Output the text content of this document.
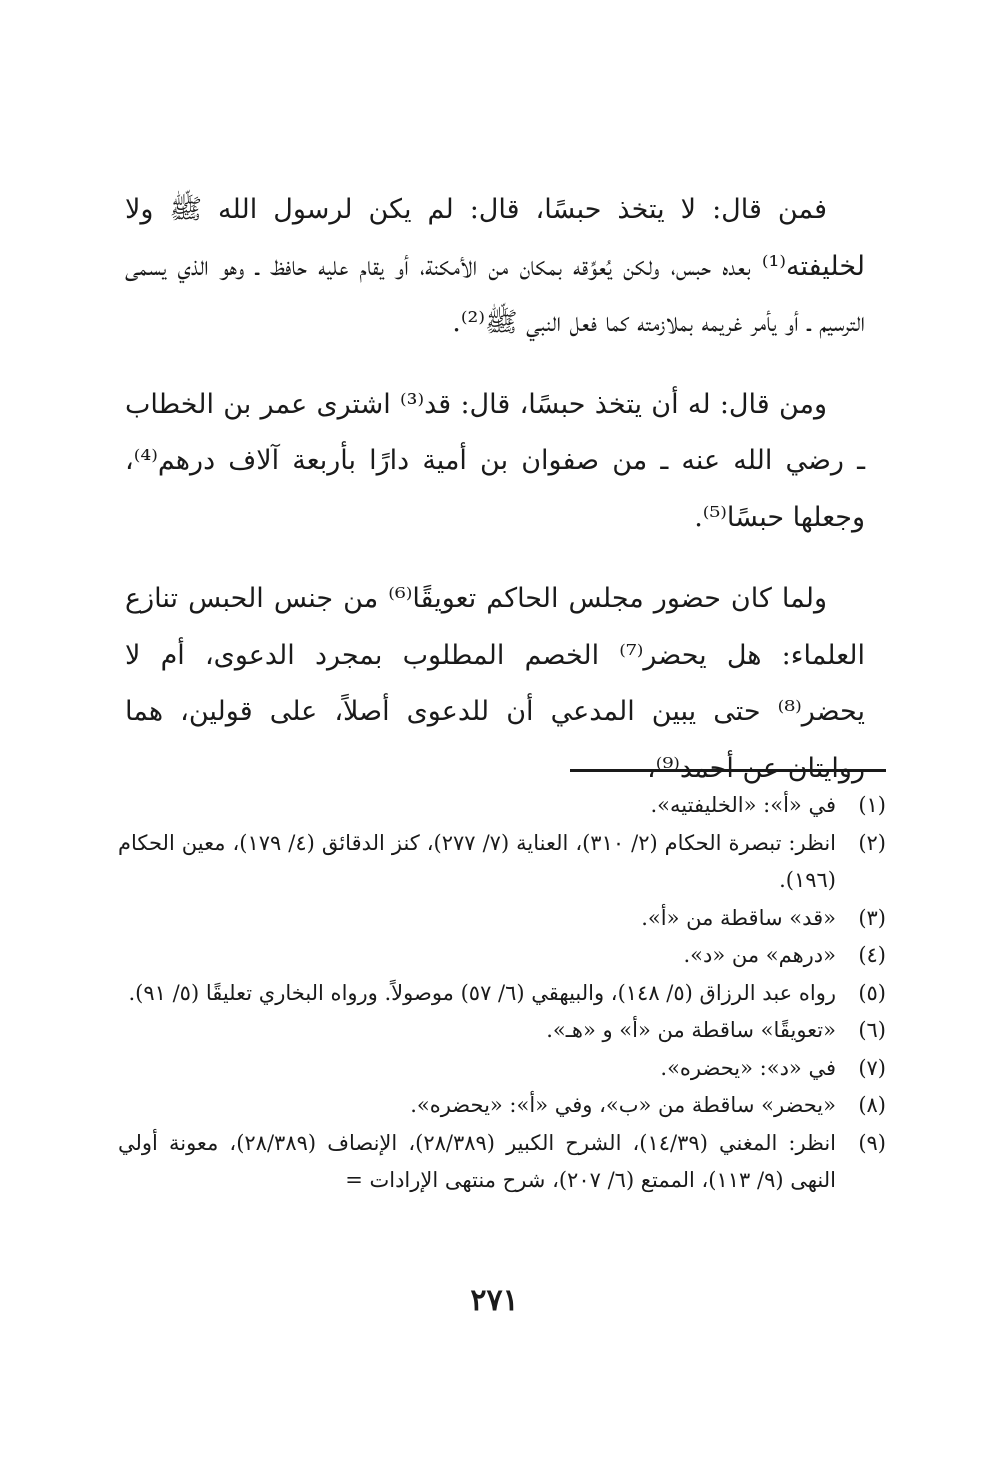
فمن قال: لا يتخذ حبسًا، قال: لم يكن لرسول الله ﷺ ولا لخليفته⁽¹⁾ بعده حبس، ولكن يُعوِّقه بمكان من الأمكنة، أو يقام عليه حافظ ـ وهو الذي يسمى الترسيم ـ أو يأمر غريمه بملازمته كما فعل النبي ﷺ⁽²⁾.

ومن قال: له أن يتخذ حبسًا، قال: قد⁽³⁾ اشترى عمر بن الخطاب ـ رضي الله عنه ـ من صفوان بن أمية دارًا بأربعة آلاف درهم⁽⁴⁾، وجعلها حبسًا⁽⁵⁾.

ولما كان حضور مجلس الحاكم تعويقًا⁽⁶⁾ من جنس الحبس تنازع العلماء: هل يحضر⁽⁷⁾ الخصم المطلوب بمجرد الدعوى، أم لا يحضر⁽⁸⁾ حتى يبين المدعي أن للدعوى أصلاً، على قولين، هما روايتان عن أحمد⁽⁹⁾،

(١)
في «أ»: «الخليفتيه».
(٢)
انظر: تبصرة الحكام (٢/ ٣١٠)، العناية (٧/ ٢٧٧)، كنز الدقائق (٤/ ١٧٩)، معين الحكام (١٩٦).
(٣)
«قد» ساقطة من «أ».
(٤)
«درهم» من «د».
(٥)
رواه عبد الرزاق (٥/ ١٤٨)، والبيهقي (٦/ ٥٧) موصولاً. ورواه البخاري تعليقًا (٥/ ٩١).
(٦)
«تعويقًا» ساقطة من «أ» و «هـ».
(٧)
في «د»: «يحضره».
(٨)
«يحضر» ساقطة من «ب»، وفي «أ»: «يحضره».
(٩)
انظر: المغني (١٤/٣٩)، الشرح الكبير (٢٨/٣٨٩)، الإنصاف (٢٨/٣٨٩)، معونة أولي النهى (٩/ ١١٣)، الممتع (٦/ ٢٠٧)، شرح منتهى الإرادات =
٢٧١
